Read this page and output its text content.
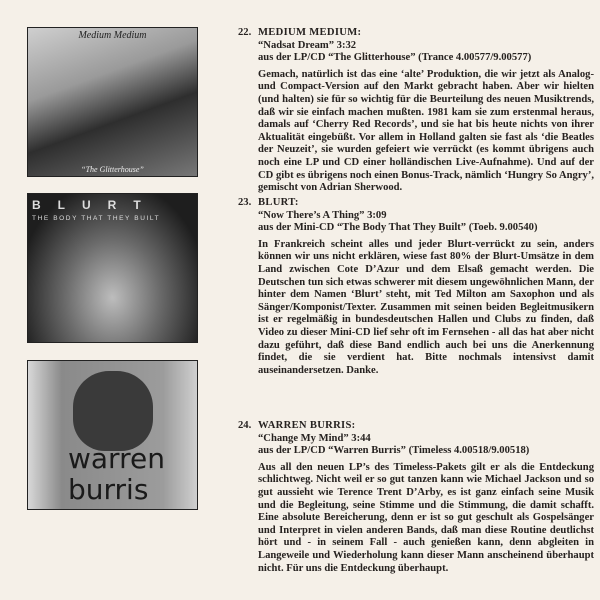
Medium Medium
“The Glitterhouse”
BLURT
THE BODY THAT THEY BUILT
warren
burris
22. MEDIUM MEDIUM:
“Nadsat Dream” 3:32
aus der LP/CD “The Glitterhouse” (Trance 4.00577/9.00577)
Gemach, natürlich ist das eine ‘alte’ Produktion, die wir jetzt als Analog- und Compact-Version auf den Markt gebracht haben. Aber wir hielten (und halten) sie für so wichtig für die Beurteilung des neuen Musiktrends, daß wir sie einfach machen mußten. 1981 kam sie zum erstenmal heraus, damals auf ‘Cherry Red Records’, und sie hat bis heute nichts von ihrer Aktualität eingebüßt. Vor allem in Holland galten sie fast als ‘die Beatles der Neuzeit’, sie wurden gefeiert wie verrückt (es kommt übrigens auch noch eine LP und CD einer holländischen Live-Aufnahme). Und auf der CD gibt es übrigens noch einen Bonus-Track, nämlich ‘Hungry So Angry’, gemischt von Adrian Sherwood.
23. BLURT:
“Now There’s A Thing” 3:09
aus der Mini-CD “The Body That They Built” (Toeb. 9.00540)
In Frankreich scheint alles und jeder Blurt-verrückt zu sein, anders können wir uns nicht erklären, wiese fast 80% der Blurt-Umsätze in dem Land zwischen Cote D’Azur und dem Elsaß gemacht werden. Die Deutschen tun sich etwas schwerer mit diesem ungewöhnlichen Mann, der hinter dem Namen ‘Blurt’ steht, mit Ted Milton am Saxophon und als Sänger/Komponist/Texter. Zusammen mit seinen beiden Begleitmusikern ist er regelmäßig in bundesdeutschen Hallen und Clubs zu finden, daß Video zu dieser Mini-CD lief sehr oft im Fernsehen - all das hat aber nicht dazu geführt, daß diese Band endlich auch bei uns die Anerkennung findet, die sie verdient hat. Bitte nochmals intensivst damit auseinandersetzen. Danke.
24. WARREN BURRIS:
“Change My Mind” 3:44
aus der LP/CD “Warren Burris” (Timeless 4.00518/9.00518)
Aus all den neuen LP’s des Timeless-Pakets gilt er als die Entdeckung schlichtweg. Nicht weil er so gut tanzen kann wie Michael Jackson und so gut aussieht wie Terence Trent D’Arby, es ist ganz einfach seine Musik und die Begleitung, seine Stimme und die Stimmung, die damit schafft. Eine absolute Bereicherung, denn er ist so gut geschult als Gospelsänger und Interpret in vielen anderen Bands, daß man diese Routine deutlichst hört und - in seinem Fall - auch genießen kann, denn abgleiten in Langeweile und Wiederholung kann dieser Mann anscheinend überhaupt nicht. Für uns die Entdeckung überhaupt.
